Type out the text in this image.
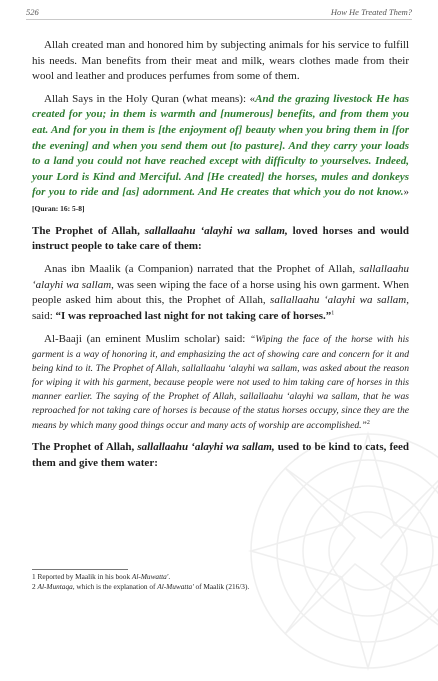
526	How He Treated Them?

Allah created man and honored him by subjecting animals for his service to fulfill his needs. Man benefits from their meat and milk, wears clothes made from their wool and leather and produces perfumes from some of them.

Allah Says in the Holy Quran (what means): «And the grazing livestock He has created for you; in them is warmth and [numerous] benefits, and from them you eat. And for you in them is [the enjoyment of] beauty when you bring them in [for the evening] and when you send them out [to pasture]. And they carry your loads to a land you could not have reached except with difficulty to yourselves. Indeed, your Lord is Kind and Merciful. And [He created] the horses, mules and donkeys for you to ride and [as] adornment. And He creates that which you do not know.» [Quran: 16: 5-8]

The Prophet of Allah, sallallaahu ‘alayhi wa sallam, loved horses and would instruct people to take care of them:

Anas ibn Maalik (a Companion) narrated that the Prophet of Allah, sallallaahu ‘alayhi wa sallam, was seen wiping the face of a horse using his own garment. When people asked him about this, the Prophet of Allah, sallallaahu ‘alayhi wa sallam, said: “I was reproached last night for not taking care of horses.”$^1$

Al-Baaji (an eminent Muslim scholar) said: “Wiping the face of the horse with his garment is a way of honoring it, and emphasizing the act of showing care and concern for it and being kind to it. The Prophet of Allah, sallallaahu ‘alayhi wa sallam, was asked about the reason for wiping it with his garment, because people were not used to him taking care of horses in this manner earlier. The saying of the Prophet of Allah, sallallaahu ‘alayhi wa sallam, that he was reproached for not taking care of horses is because of the status horses occupy, since they are the means by which many good things occur and many acts of worship are accomplished.”$^2$

The Prophet of Allah, sallallaahu ‘alayhi wa sallam, used to be kind to cats, feed them and give them water:

1 Reported by Maalik in his book Al-Muwatta'.
2 Al-Muntaqa, which is the explanation of Al-Muwatta' of Maalik (216/3).
